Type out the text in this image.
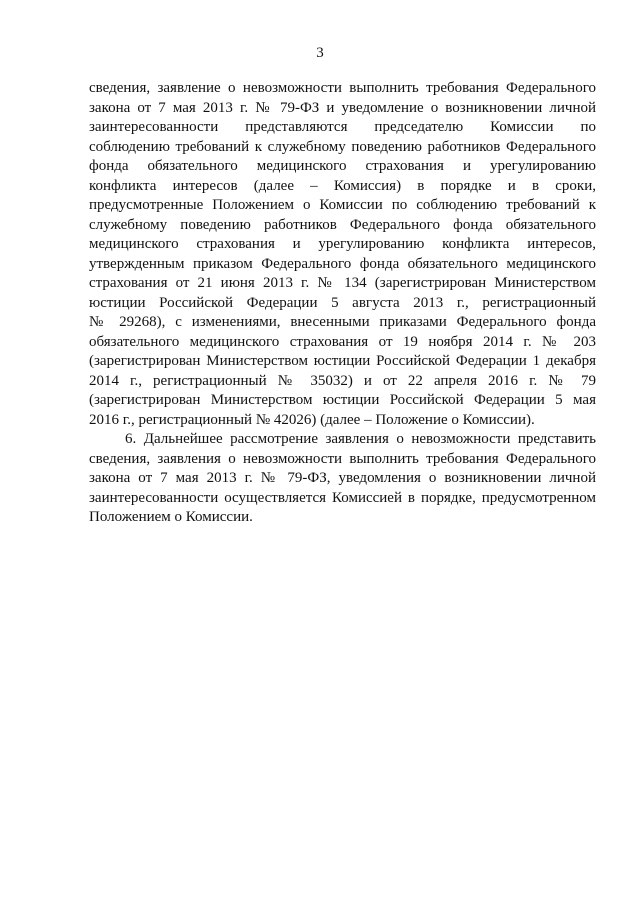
3
сведения, заявление о невозможности выполнить требования Федерального
закона от 7 мая 2013 г. № 79-ФЗ и уведомление о возникновении личной
заинтересованности представляются председателю Комиссии по
соблюдению требований к служебному поведению работников Федерального
фонда обязательного медицинского страхования и урегулированию
конфликта интересов (далее – Комиссия) в порядке и в сроки,
предусмотренные Положением о Комиссии по соблюдению требований к
служебному поведению работников Федерального фонда обязательного
медицинского страхования и урегулированию конфликта интересов,
утвержденным приказом Федерального фонда обязательного медицинского
страхования от 21 июня 2013 г. № 134 (зарегистрирован Министерством
юстиции Российской Федерации 5 августа 2013 г., регистрационный
№ 29268), с изменениями, внесенными приказами Федерального фонда
обязательного медицинского страхования от 19 ноября 2014 г. № 203
(зарегистрирован Министерством юстиции Российской Федерации 1 декабря
2014 г., регистрационный № 35032) и от 22 апреля 2016 г. № 79
(зарегистрирован Министерством юстиции Российской Федерации 5 мая
2016 г., регистрационный № 42026) (далее – Положение о Комиссии).
6. Дальнейшее рассмотрение заявления о невозможности представить
сведения, заявления о невозможности выполнить требования Федерального
закона от 7 мая 2013 г. № 79-ФЗ, уведомления о возникновении личной
заинтересованности осуществляется Комиссией в порядке, предусмотренном
Положением о Комиссии.
